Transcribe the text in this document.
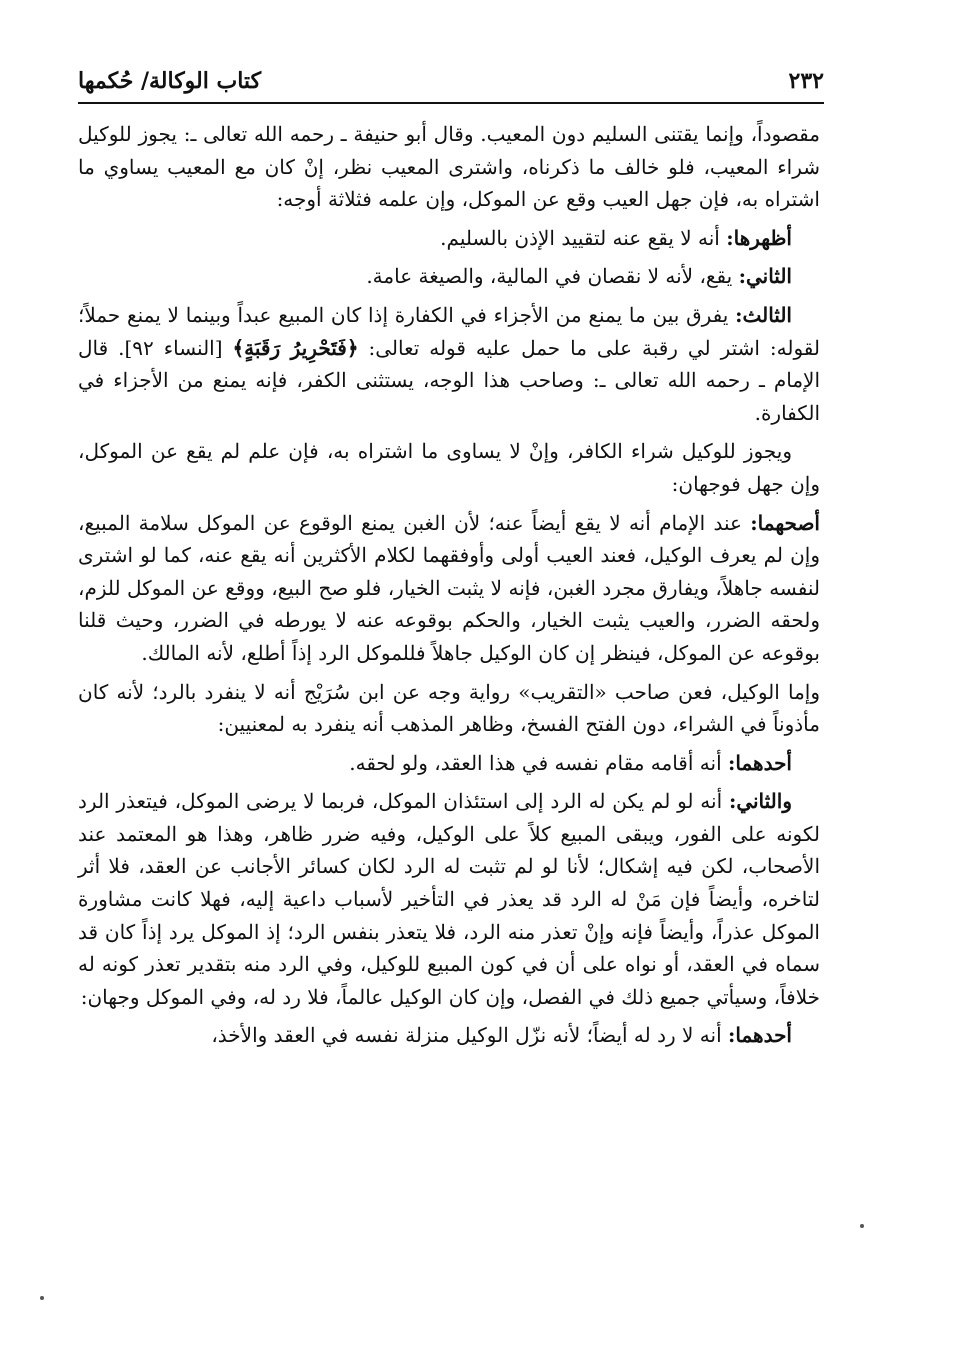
٢٣٢
كتاب الوكالة/ حُكمها

مقصوداً، وإنما يقتنى السليم دون المعيب. وقال أبو حنيفة ـ رحمه الله تعالى ـ: يجوز للوكيل شراء المعيب، فلو خالف ما ذكرناه، واشترى المعيب نظر، إنْ كان مع المعيب يساوي ما اشتراه به، فإن جهل العيب وقع عن الموكل، وإن علمه فثلاثة أوجه:

أظهرها: أنه لا يقع عنه لتقييد الإذن بالسليم.

الثاني: يقع، لأنه لا نقصان في المالية، والصيغة عامة.

الثالث: يفرق بين ما يمنع من الأجزاء في الكفارة إذا كان المبيع عبداً وبينما لا يمنع حملاً؛ لقوله: اشتر لي رقبة على ما حمل عليه قوله تعالى: ﴿فَتَحْرِيرُ رَقَبَةٍ﴾ [النساء ٩٢]. قال الإمام ـ رحمه الله تعالى ـ: وصاحب هذا الوجه، يستثنى الكفر، فإنه يمنع من الأجزاء في الكفارة.

ويجوز للوكيل شراء الكافر، وإنْ لا يساوى ما اشتراه به، فإن علم لم يقع عن الموكل، وإن جهل فوجهان:

أصحهما: عند الإمام أنه لا يقع أيضاً عنه؛ لأن الغبن يمنع الوقوع عن الموكل سلامة المبيع، وإن لم يعرف الوكيل، فعند العيب أولى وأوفقهما لكلام الأكثرين أنه يقع عنه، كما لو اشترى لنفسه جاهلاً، ويفارق مجرد الغبن، فإنه لا يثبت الخيار، فلو صح البيع، ووقع عن الموكل للزم، ولحقه الضرر، والعيب يثبت الخيار، والحكم بوقوعه عنه لا يورطه في الضرر، وحيث قلنا بوقوعه عن الموكل، فينظر إن كان الوكيل جاهلاً فللموكل الرد إذاً أطلع، لأنه المالك.

وإما الوكيل، فعن صاحب «التقريب» رواية وجه عن ابن سُرَيْج أنه لا ينفرد بالرد؛ لأنه كان مأذوناً في الشراء، دون الفتح الفسخ، وظاهر المذهب أنه ينفرد به لمعنيين:

أحدهما: أنه أقامه مقام نفسه في هذا العقد، ولو لحقه.

والثاني: أنه لو لم يكن له الرد إلى استئذان الموكل، فربما لا يرضى الموكل، فيتعذر الرد لكونه على الفور، ويبقى المبيع كلاً على الوكيل، وفيه ضرر ظاهر، وهذا هو المعتمد عند الأصحاب، لكن فيه إشكال؛ لأنا لو لم تثبت له الرد لكان كسائر الأجانب عن العقد، فلا أثر لتاخره، وأيضاً فإن مَنْ له الرد قد يعذر في التأخير لأسباب داعية إليه، فهلا كانت مشاورة الموكل عذراً، وأيضاً فإنه وإنْ تعذر منه الرد، فلا يتعذر بنفس الرد؛ إذ الموكل يرد إذاً كان قد سماه في العقد، أو نواه على أن في كون المبيع للوكيل، وفي الرد منه بتقدير تعذر كونه له خلافاً، وسيأتي جميع ذلك في الفصل، وإن كان الوكيل عالماً، فلا رد له، وفي الموكل وجهان:

أحدهما: أنه لا رد له أيضاً؛ لأنه نزّل الوكيل منزلة نفسه في العقد والأخذ،
